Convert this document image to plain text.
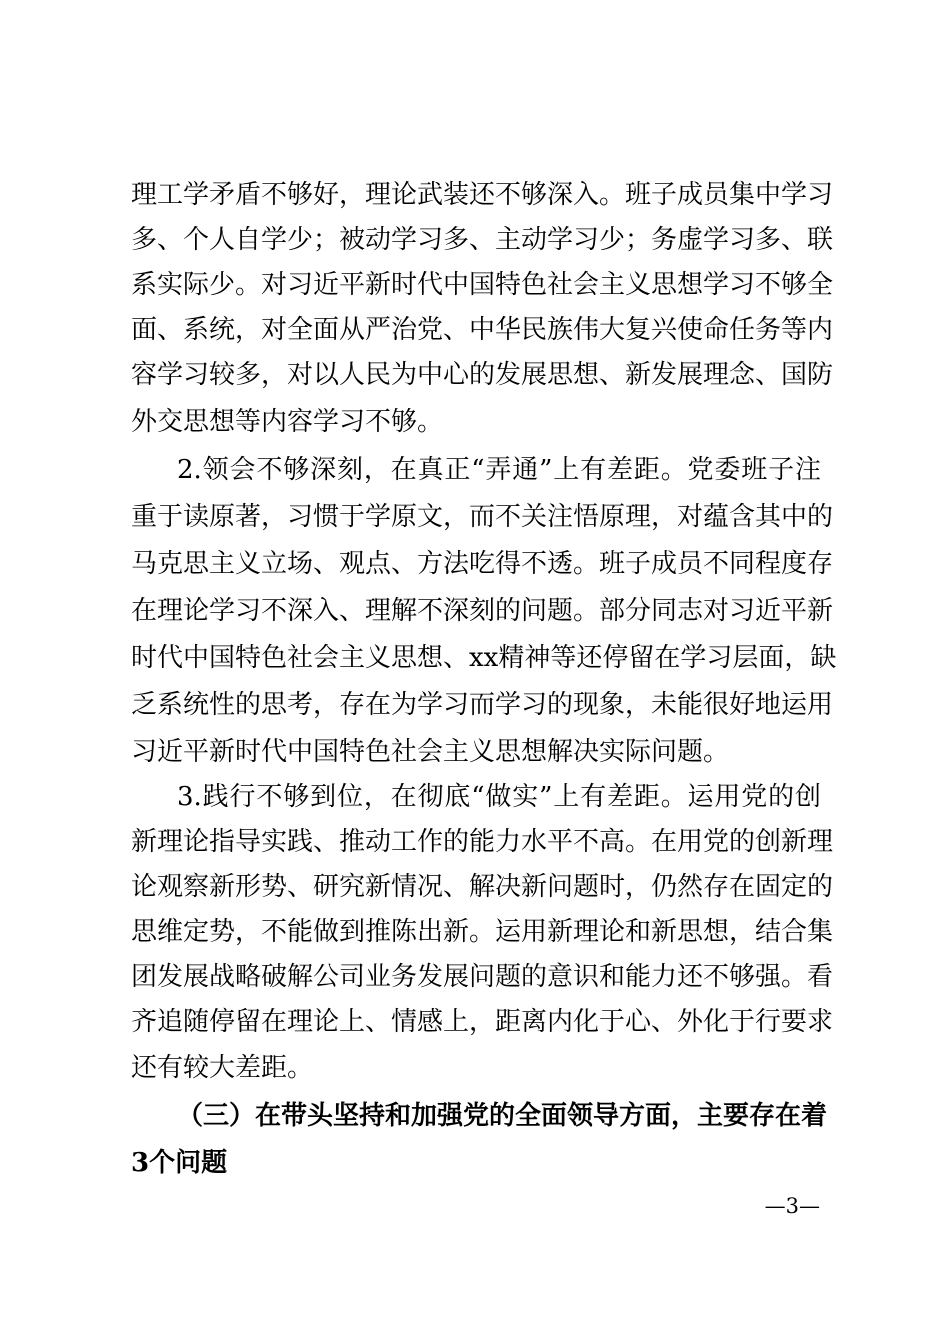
理工学矛盾不够好，理论武装还不够深入。班子成员集中学习
多、个人自学少；被动学习多、主动学习少；务虚学习多、联
系实际少。对习近平新时代中国特色社会主义思想学习不够全
面、系统，对全面从严治党、中华民族伟大复兴使命任务等内
容学习较多，对以人民为中心的发展思想、新发展理念、国防
外交思想等内容学习不够。
2.领会不够深刻，在真正“弄通”上有差距。党委班子注
重于读原著，习惯于学原文，而不关注悟原理，对蕴含其中的
马克思主义立场、观点、方法吃得不透。班子成员不同程度存
在理论学习不深入、理解不深刻的问题。部分同志对习近平新
时代中国特色社会主义思想、xx精神等还停留在学习层面，缺
乏系统性的思考，存在为学习而学习的现象，未能很好地运用
习近平新时代中国特色社会主义思想解决实际问题。
3.践行不够到位，在彻底“做实”上有差距。运用党的创
新理论指导实践、推动工作的能力水平不高。在用党的创新理
论观察新形势、研究新情况、解决新问题时，仍然存在固定的
思维定势，不能做到推陈出新。运用新理论和新思想，结合集
团发展战略破解公司业务发展问题的意识和能力还不够强。看
齐追随停留在理论上、情感上，距离内化于心、外化于行要求
还有较大差距。
（三）在带头坚持和加强党的全面领导方面，主要存在着
3个问题
—3—
